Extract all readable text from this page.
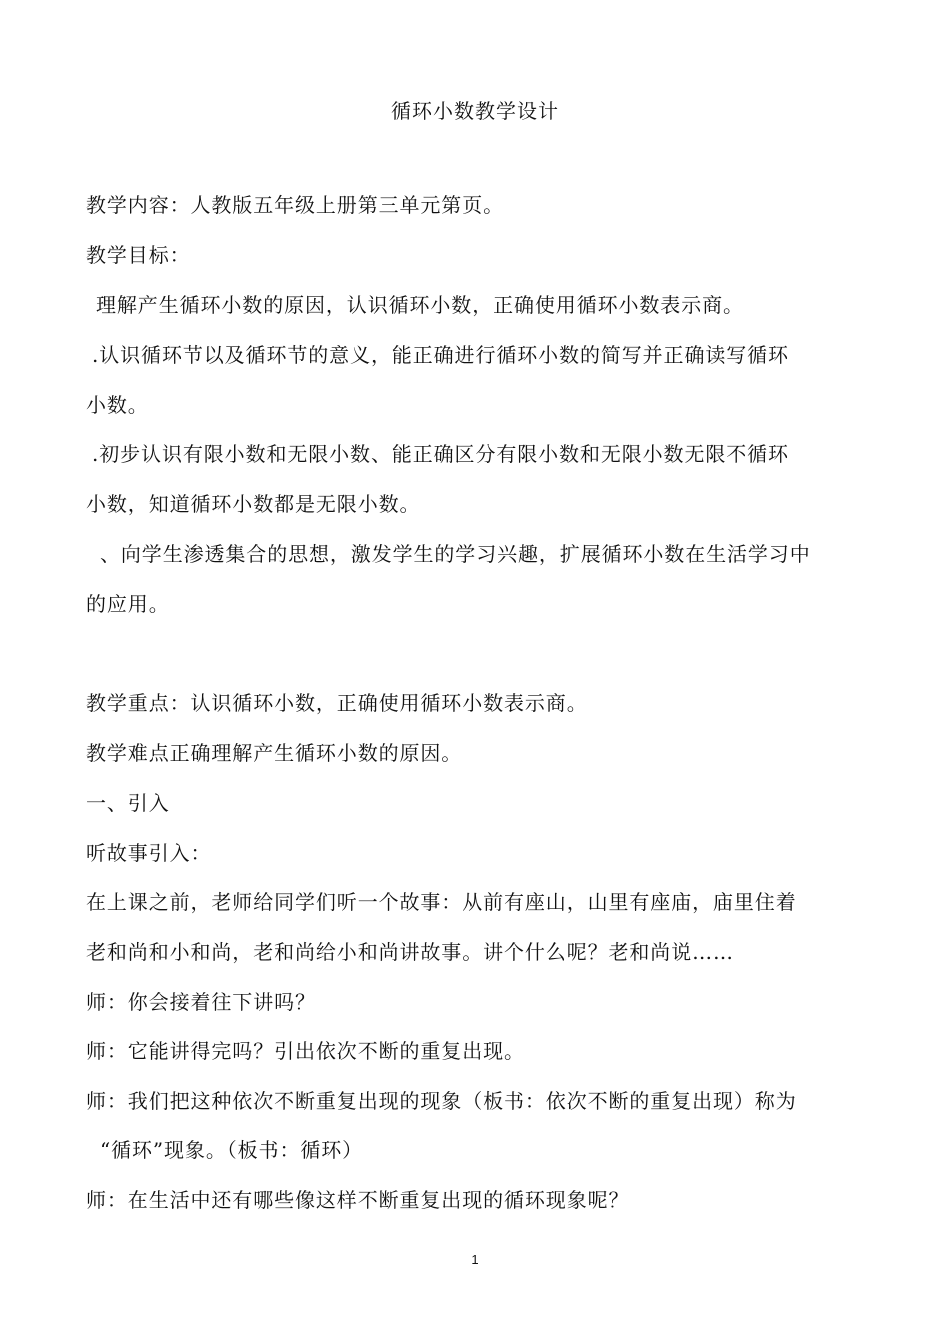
循环小数教学设计
教学内容：人教版五年级上册第三单元第页。
教学目标：
理解产生循环小数的原因，认识循环小数，正确使用循环小数表示商。
.认识循环节以及循环节的意义，能正确进行循环小数的简写并正确读写循环
小数。
.初步认识有限小数和无限小数、能正确区分有限小数和无限小数无限不循环
小数，知道循环小数都是无限小数。
、向学生渗透集合的思想，激发学生的学习兴趣，扩展循环小数在生活学习中
的应用。
教学重点：认识循环小数，正确使用循环小数表示商。
教学难点正确理解产生循环小数的原因。
一、引入
听故事引入：
在上课之前，老师给同学们听一个故事：从前有座山，山里有座庙，庙里住着
老和尚和小和尚，老和尚给小和尚讲故事。讲个什么呢？老和尚说……
师：你会接着往下讲吗？
师：它能讲得完吗？引出依次不断的重复出现。
师：我们把这种依次不断重复出现的现象（板书：依次不断的重复出现）称为
“循环”现象。（板书：循环）
师：在生活中还有哪些像这样不断重复出现的循环现象呢？
1
